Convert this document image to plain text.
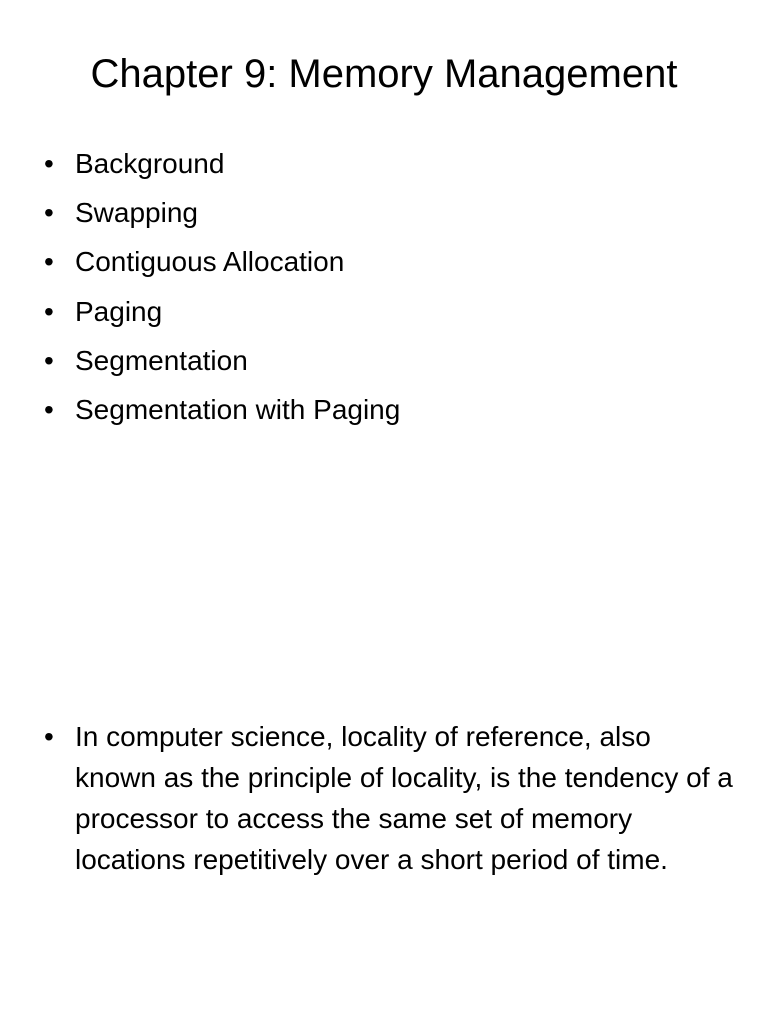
Chapter 9: Memory Management
• Background
• Swapping
• Contiguous Allocation
• Paging
• Segmentation
• Segmentation with Paging
• In computer science, locality of reference, also known as the principle of locality, is the tendency of a processor to access the same set of memory locations repetitively over a short period of time.
